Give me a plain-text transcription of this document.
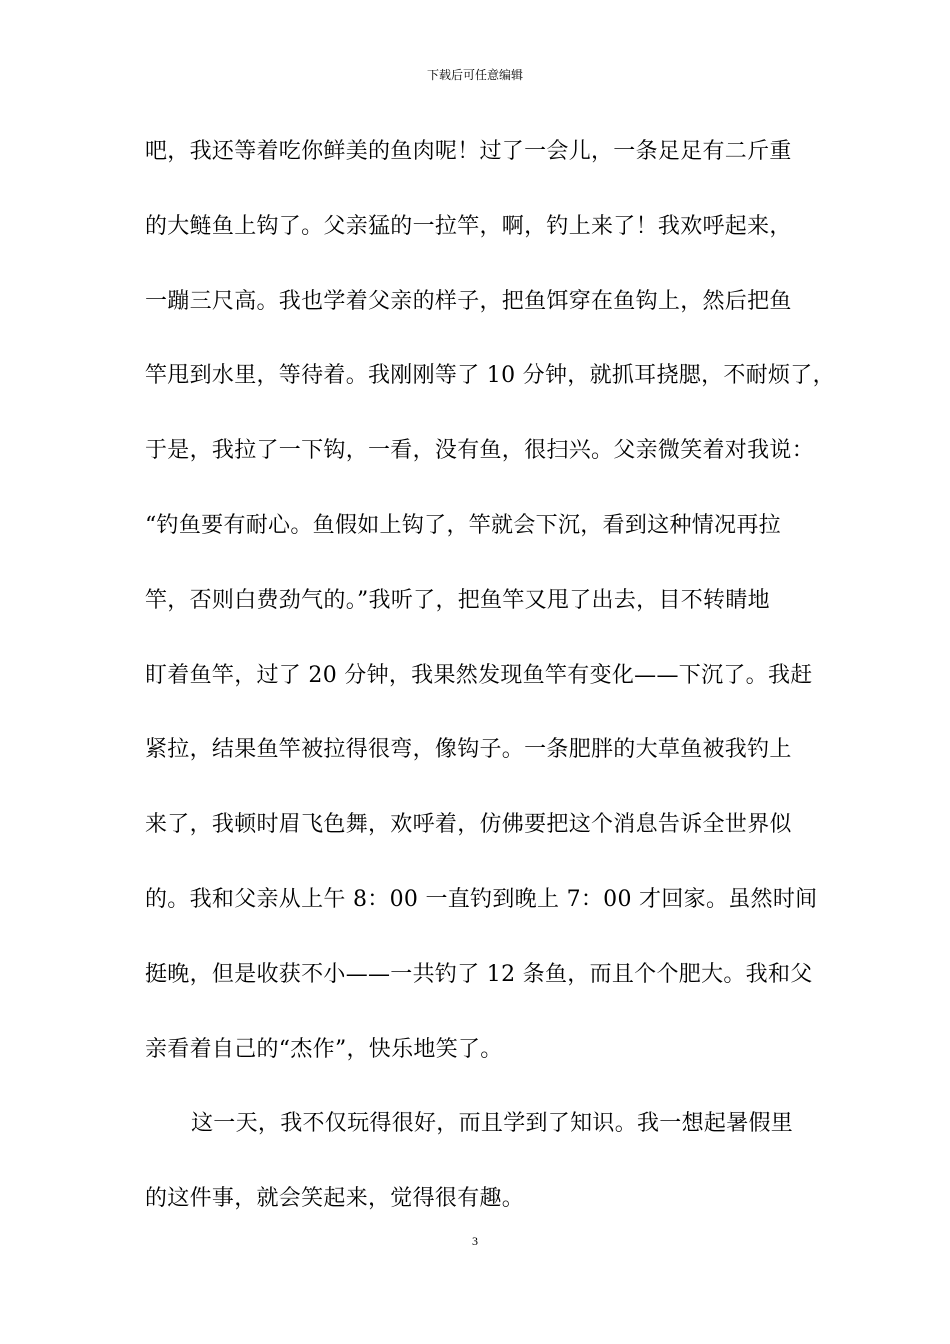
下载后可任意编辑
吧，我还等着吃你鲜美的鱼肉呢！过了一会儿，一条足足有二斤重
的大鲢鱼上钩了。父亲猛的一拉竿，啊，钓上来了！我欢呼起来，
一蹦三尺高。我也学着父亲的样子，把鱼饵穿在鱼钩上，然后把鱼
竿甩到水里，等待着。我刚刚等了 10 分钟，就抓耳挠腮，不耐烦了，
于是，我拉了一下钩，一看，没有鱼，很扫兴。父亲微笑着对我说：
“钓鱼要有耐心。鱼假如上钩了，竿就会下沉，看到这种情况再拉
竿，否则白费劲气的。”我听了，把鱼竿又甩了出去，目不转睛地
盯着鱼竿，过了 20 分钟，我果然发现鱼竿有变化——下沉了。我赶
紧拉，结果鱼竿被拉得很弯，像钩子。一条肥胖的大草鱼被我钓上
来了，我顿时眉飞色舞，欢呼着，仿佛要把这个消息告诉全世界似
的。我和父亲从上午 8：00 一直钓到晚上 7：00 才回家。虽然时间
挺晚，但是收获不小——一共钓了 12 条鱼，而且个个肥大。我和父
亲看着自己的“杰作”，快乐地笑了。
这一天，我不仅玩得很好，而且学到了知识。我一想起暑假里
的这件事，就会笑起来，觉得很有趣。
3
